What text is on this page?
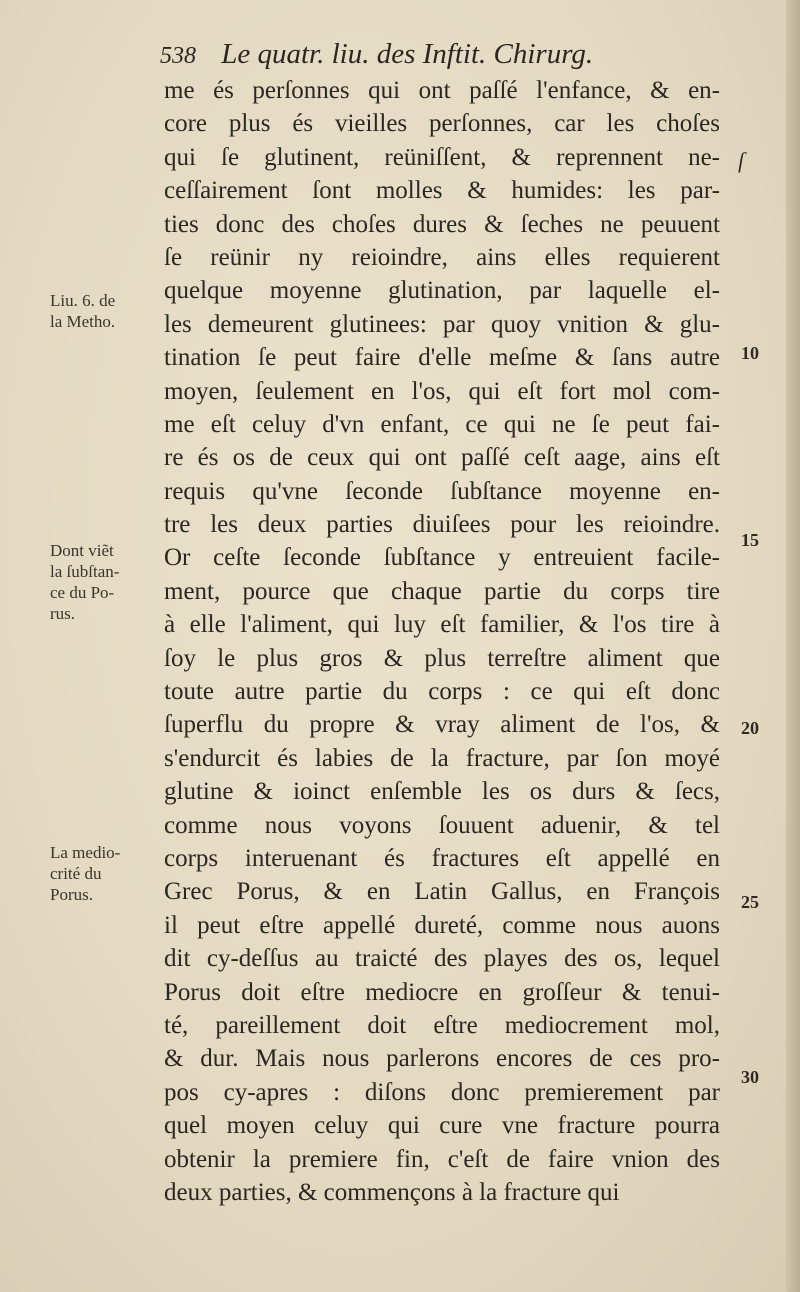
538 Le quatr. liu. des Inftit. Chirurg.
ſ
me és perſonnes qui ont paſſé l'enfance, & en-
core plus és vieilles perſonnes, car les choſes
qui ſe glutinent, reüniſſent, & reprennent ne-
ceſſairement ſont molles & humides: les par-
ties donc des choſes dures & ſeches ne peuuent
ſe reünir ny reioindre, ains elles requierent
quelque moyenne glutination, par laquelle el-
les demeurent glutinees: par quoy vnition & glu-
tination ſe peut faire d'elle meſme & ſans autre
moyen, ſeulement en l'os, qui eſt fort mol com-
me eſt celuy d'vn enfant, ce qui ne ſe peut fai-
re és os de ceux qui ont paſſé ceſt aage, ains eſt
requis qu'vne ſeconde ſubſtance moyenne en-
tre les deux parties diuiſees pour les reioindre.
Or ceſte ſeconde ſubſtance y entreuient facile-
ment, pource que chaque partie du corps tire
à elle l'aliment, qui luy eſt familier, & l'os tire à
ſoy le plus gros & plus terreſtre aliment que
toute autre partie du corps : ce qui eſt donc
ſuperflu du propre & vray aliment de l'os, &
s'endurcit és labies de la fracture, par ſon moyé
glutine & ioinct enſemble les os durs & ſecs,
comme nous voyons ſouuent aduenir, & tel
corps interuenant és fractures eſt appellé en
Grec Porus, & en Latin Gallus, en François
il peut eſtre appellé dureté, comme nous auons
dit cy-deſſus au traicté des playes des os, lequel
Porus doit eſtre mediocre en groſſeur & tenui-
té, pareillement doit eſtre mediocrement mol,
& dur. Mais nous parlerons encores de ces pro-
pos cy-apres : diſons donc premierement par
quel moyen celuy qui cure vne fracture pourra
obtenir la premiere fin, c'eſt de faire vnion des
deux parties, & commençons à la fracture qui
Liu. 6. de
la Metho.
Dont viẽt
la ſubſtan-
ce du Po-
rus.
La medio-
crité du
Porus.
10
15
20
25
30
